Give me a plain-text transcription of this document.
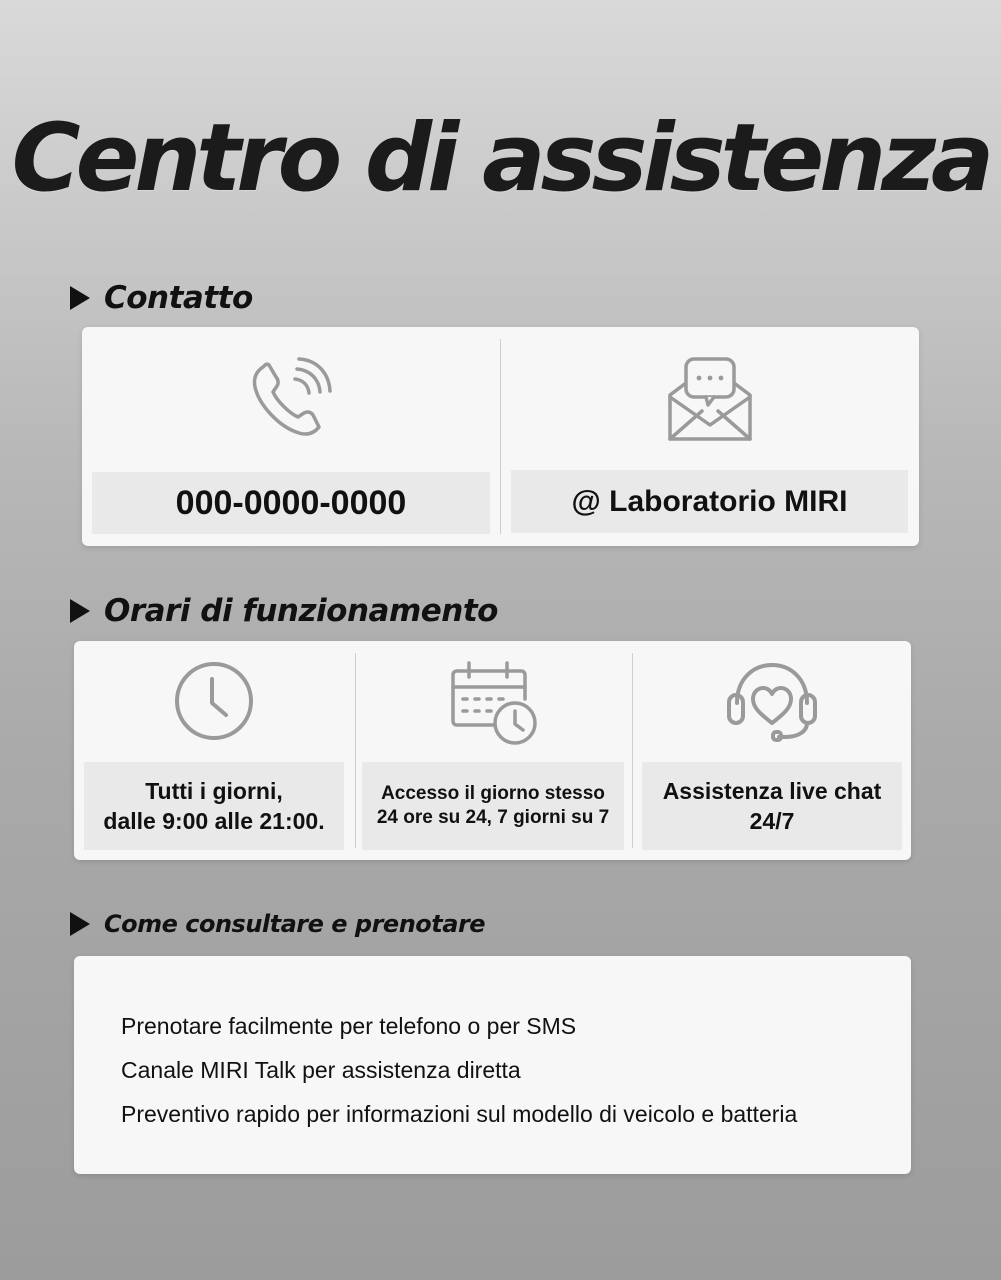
Centro di assistenza
Contatto
000-0000-0000	@ Laboratorio MIRI
Orari di funzionamento
Tutti i giorni,
dalle 9:00 alle 21:00.
Accesso il giorno stesso
24 ore su 24, 7 giorni su 7
Assistenza live chat
24/7
Come consultare e prenotare
Prenotare facilmente per telefono o per SMS
Canale MIRI Talk per assistenza diretta
Preventivo rapido per informazioni sul modello di veicolo e batteria
